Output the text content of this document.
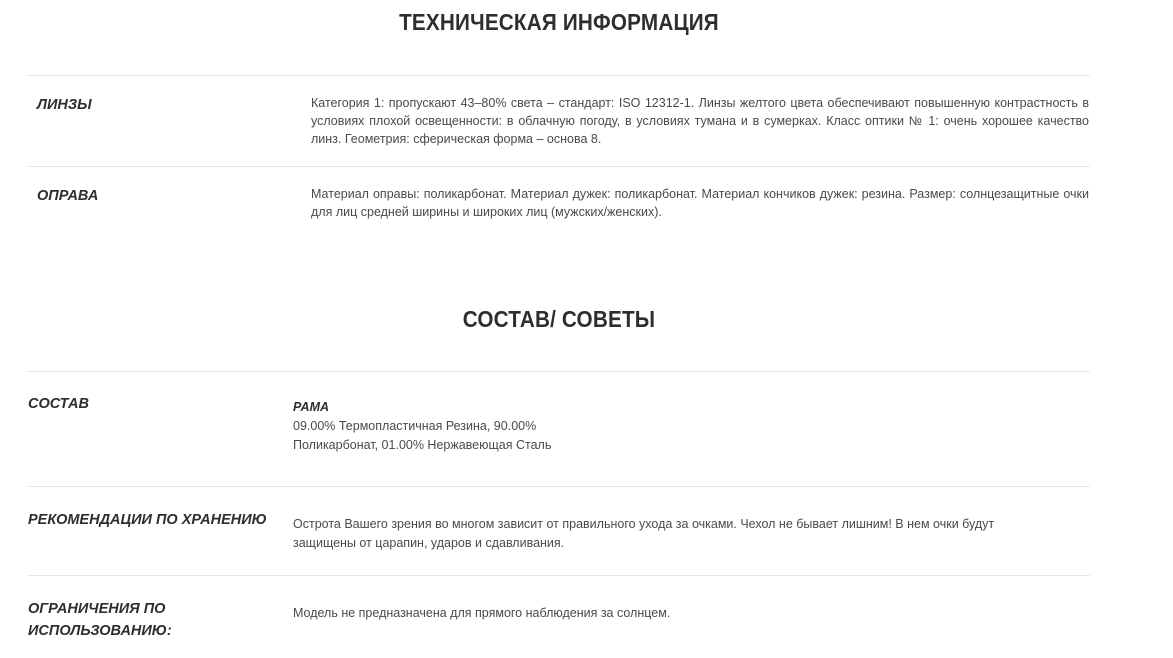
ТЕХНИЧЕСКАЯ ИНФОРМАЦИЯ
ЛИНЗЫ	Категория 1: пропускают 43–80% света – стандарт: ISO 12312-1. Линзы желтого цвета обеспечивают повышенную контрастность в условиях плохой освещенности: в облачную погоду, в условиях тумана и в сумерках. Класс оптики № 1: очень хорошее качество линз. Геометрия: сферическая форма – основа 8.

ОПРАВА	Материал оправы: поликарбонат. Материал дужек: поликарбонат. Материал кончиков дужек: резина. Размер: солнцезащитные очки для лиц средней ширины и широких лиц (мужских/женских).

СОСТАВ/ СОВЕТЫ
СОСТАВ	РАМА
09.00% Термопластичная Резина, 90.00%
Поликарбонат, 01.00% Нержавеющая Сталь
РЕКОМЕНДАЦИИ ПО ХРАНЕНИЮ Острота Вашего зрения во многом зависит от правильного ухода за очками. Чехол не бывает лишним! В нем очки будут защищены от царапин, ударов и сдавливания.

ОГРАНИЧЕНИЯ ПО ИСПОЛЬЗОВАНИЮ:

Модель не предназначена для прямого наблюдения за солнцем.
